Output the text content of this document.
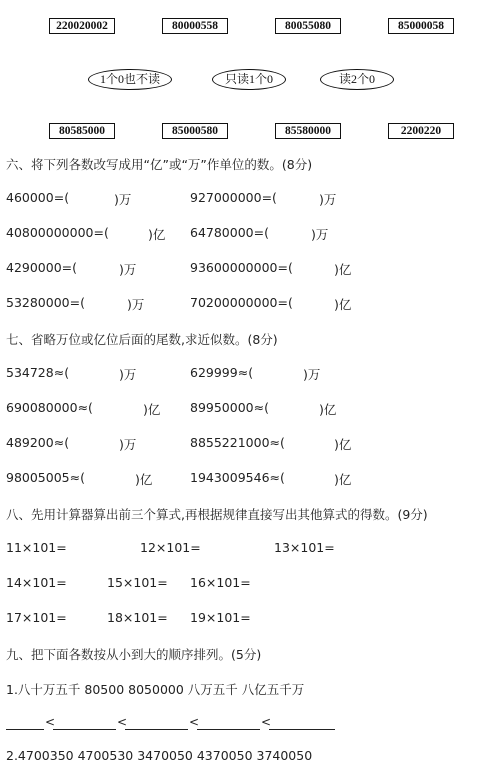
220020002	80000558	80055080	85000058
1个0也不读	只读1个0	读2个0
80585000	85000580	85580000	2200220
六、将下列各数改写成用“亿”或“万”作单位的数。(8分)
460000=(	)万	927000000=(	)万
40800000000=(	)亿 64780000=(	)万
4290000=(	)万	93600000000=(	)亿
53280000=(	)万	70200000000=(	)亿
七、省略万位或亿位后面的尾数,求近似数。(8分)
534728≈(	)万	629999≈(	)万
690080000≈(	)亿 89950000≈(	)亿
489200≈(	)万	8855221000≈(	)亿
98005005≈(	)亿	1943009546≈(	)亿
八、先用计算器算出前三个算式,再根据规律直接写出其他算式的得数。(9分)
11×101=	12×101=	13×101=
14×101=	15×101= 16×101=
17×101=	18×101= 19×101=
九、把下面各数按从小到大的顺序排列。(5分)
1.八十万五千 80500 8050000 八万五千 八亿五千万
<	<	<	<
2.4700350 4700530 3470050 4370050 3740050
